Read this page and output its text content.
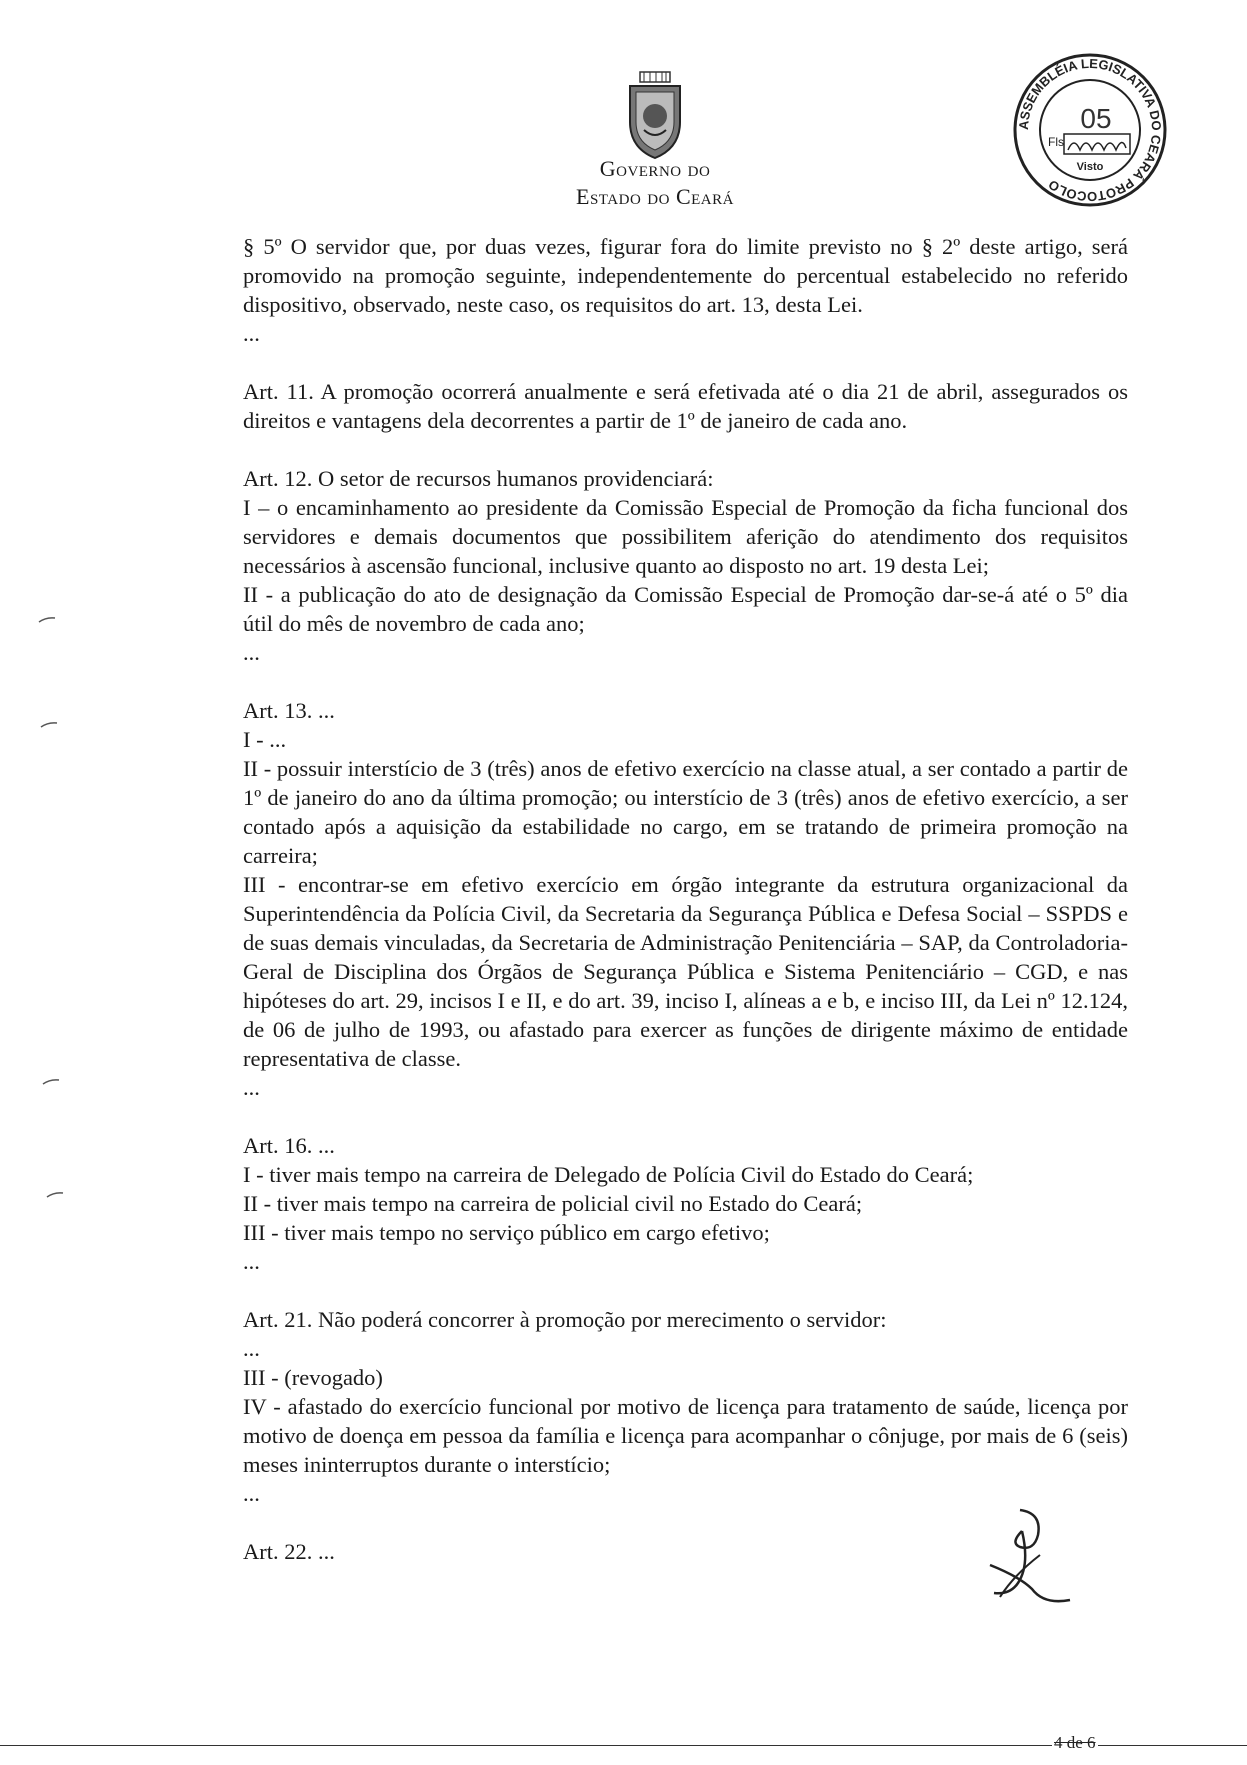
Governo do
Estado do Ceará
ASSEMBLÉIA LEGISLATIVA DO CEARÁ PROTOCOLO
05
Fls
Visto

§ 5º O servidor que, por duas vezes, figurar fora do limite previsto no § 2º deste artigo, será promovido na promoção seguinte, independentemente do percentual estabelecido no referido dispositivo, observado, neste caso, os requisitos do art. 13, desta Lei.

...

Art. 11. A promoção ocorrerá anualmente e será efetivada até o dia 21 de abril, assegurados os direitos e vantagens dela decorrentes a partir de 1º de janeiro de cada ano.

Art. 12. O setor de recursos humanos providenciará:

I – o encaminhamento ao presidente da Comissão Especial de Promoção da ficha funcional dos servidores e demais documentos que possibilitem aferição do atendimento dos requisitos necessários à ascensão funcional, inclusive quanto ao disposto no art. 19 desta Lei;

II - a publicação do ato de designação da Comissão Especial de Promoção dar-se-á até o 5º dia útil do mês de novembro de cada ano;

...

Art. 13. ...

I - ...

II - possuir interstício de 3 (três) anos de efetivo exercício na classe atual, a ser contado a partir de 1º de janeiro do ano da última promoção; ou interstício de 3 (três) anos de efetivo exercício, a ser contado após a aquisição da estabilidade no cargo, em se tratando de primeira promoção na carreira;

III - encontrar-se em efetivo exercício em órgão integrante da estrutura organizacional da Superintendência da Polícia Civil, da Secretaria da Segurança Pública e Defesa Social – SSPDS e de suas demais vinculadas, da Secretaria de Administração Penitenciária – SAP, da Controladoria-Geral de Disciplina dos Órgãos de Segurança Pública e Sistema Penitenciário – CGD, e nas hipóteses do art. 29, incisos I e II, e do art. 39, inciso I, alíneas a e b, e inciso III, da Lei nº 12.124, de 06 de julho de 1993, ou afastado para exercer as funções de dirigente máximo de entidade representativa de classe.

...

Art. 16. ...

I - tiver mais tempo na carreira de Delegado de Polícia Civil do Estado do Ceará;

II - tiver mais tempo na carreira de policial civil no Estado do Ceará;

III - tiver mais tempo no serviço público em cargo efetivo;

...

Art. 21. Não poderá concorrer à promoção por merecimento o servidor:

...

III - (revogado)

IV - afastado do exercício funcional por motivo de licença para tratamento de saúde, licença por motivo de doença em pessoa da família e licença para acompanhar o cônjuge, por mais de 6 (seis) meses ininterruptos durante o interstício;

...

Art. 22. ...

4 de 6
